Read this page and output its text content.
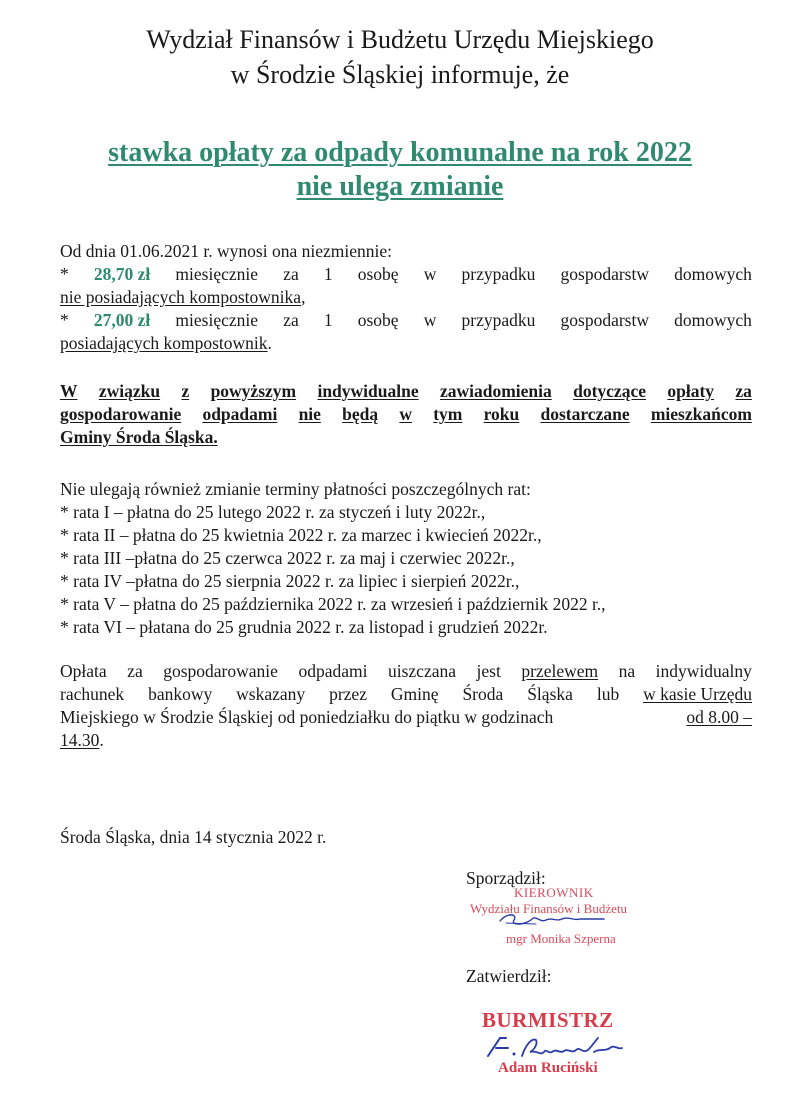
Wydział Finansów i Budżetu Urzędu Miejskiego
w Środzie Śląskiej informuje, że
stawka opłaty za odpady komunalne na rok 2022
nie ulega zmianie
Od dnia 01.06.2021 r. wynosi ona niezmiennie:
* 28,70 zł miesięcznie za 1 osobę w przypadku gospodarstw domowych
nie posiadających kompostownika,
* 27,00 zł miesięcznie za 1 osobę w przypadku gospodarstw domowych
posiadających kompostownik.
W związku z powyższym indywidualne zawiadomienia dotyczące opłaty za
gospodarowanie odpadami nie będą w tym roku dostarczane mieszkańcom
Gminy Środa Śląska.
Nie ulegają również zmianie terminy płatności poszczególnych rat:
* rata I – płatna do 25 lutego 2022 r. za styczeń i luty 2022r.,
* rata II – płatna do 25 kwietnia 2022 r. za marzec i kwiecień 2022r.,
* rata III –płatna do 25 czerwca 2022 r. za maj i czerwiec 2022r.,
* rata IV –płatna do 25 sierpnia 2022 r. za lipiec i sierpień 2022r.,
* rata V – płatna do 25 października 2022 r. za wrzesień i październik 2022 r.,
* rata VI – płatana do 25 grudnia 2022 r. za listopad i grudzień 2022r.
Opłata za gospodarowanie odpadami uiszczana jest przelewem na indywidualny
rachunek bankowy wskazany przez Gminę Środa Śląska lub w kasie Urzędu
Miejskiego w Środzie Śląskiej od poniedziałku do piątku w godzinach	od 8.00 –
14.30.
Środa Śląska, dnia 14 stycznia 2022 r.
Sporządził:
KIEROWNIK
Wydziału Finansów i Budżetu
mgr Monika Szperna
Zatwierdził:
BURMISTRZ
Adam Ruciński
